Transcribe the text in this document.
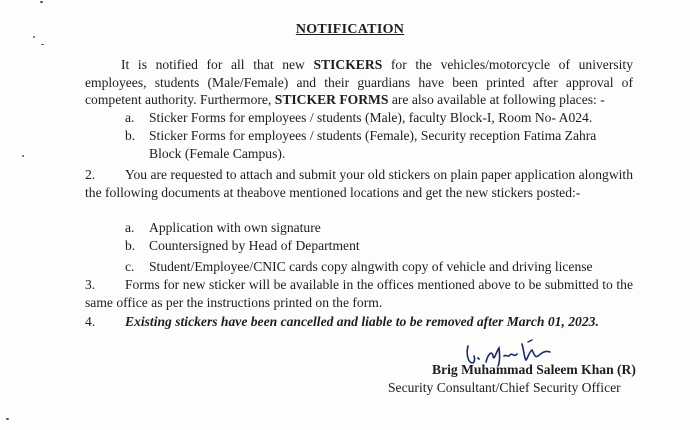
NOTIFICATION
It is notified for all that new STICKERS for the vehicles/motorcycle of university employees, students (Male/Female) and their guardians have been printed after approval of competent authority. Furthermore, STICKER FORMS are also available at following places: -
a. Sticker Forms for employees / students (Male), faculty Block-I, Room No- A024.
b. Sticker Forms for employees / students (Female), Security reception Fatima Zahra
Block (Female Campus).
2. You are requested to attach and submit your old stickers on plain paper application alongwith the following documents at theabove mentioned locations and get the new stickers posted:-
a. Application with own signature
b. Countersigned by Head of Department
c. Student/Employee/CNIC cards copy alngwith copy of vehicle and driving license
3. Forms for new sticker will be available in the offices mentioned above to be submitted to the same office as per the instructions printed on the form.
4. Existing stickers have been cancelled and liable to be removed after March 01, 2023.
Brig Muhammad Saleem Khan (R)
Security Consultant/Chief Security Officer
